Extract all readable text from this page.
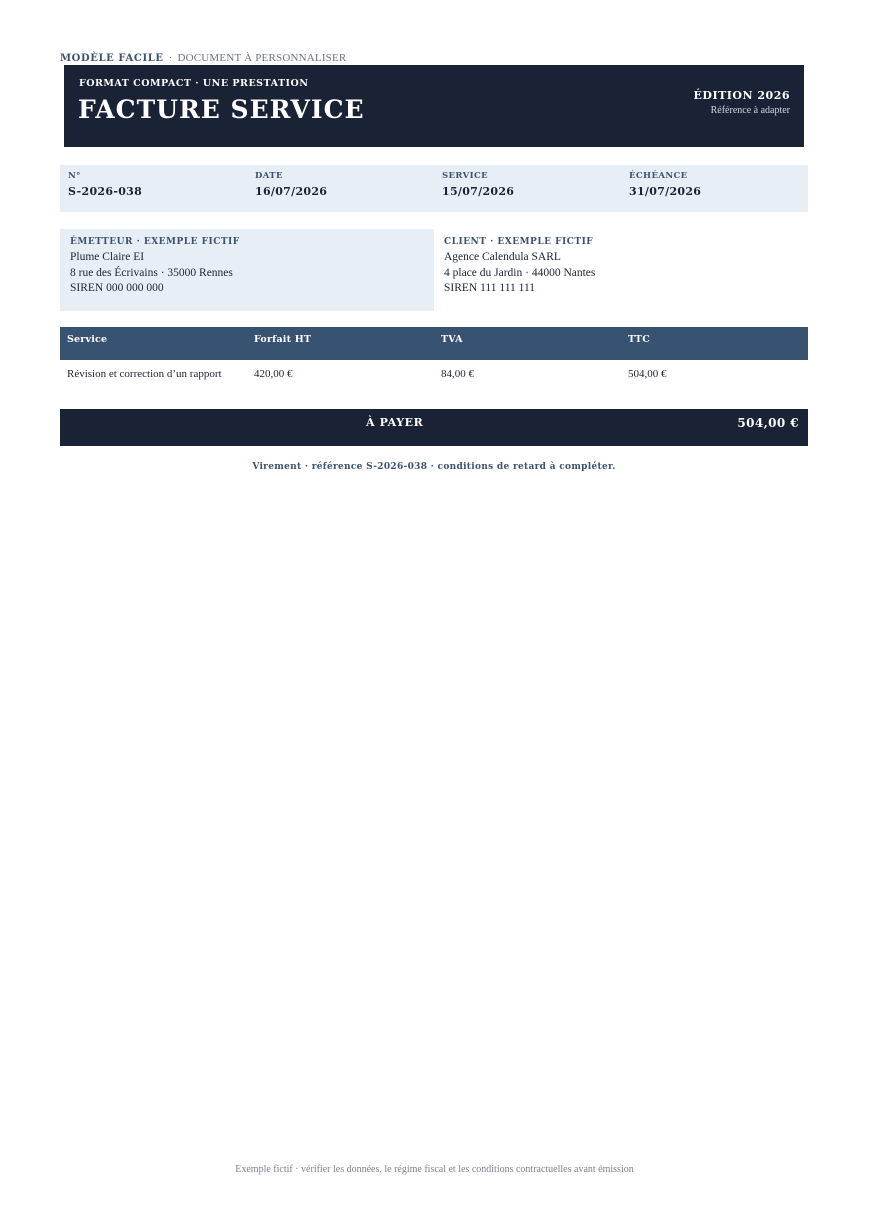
MODÈLE FACILE · DOCUMENT À PERSONNALISER
FORMAT COMPACT · UNE PRESTATION
FACTURE SERVICE	ÉDITION 2026
Référence à adapter
N°
S-2026-038
DATE
16/07/2026
SERVICE
15/07/2026
ÉCHÉANCE
31/07/2026
ÉMETTEUR · EXEMPLE FICTIF
Plume Claire EI
8 rue des Écrivains · 35000 Rennes
SIREN 000 000 000
CLIENT · EXEMPLE FICTIF
Agence Calendula SARL
4 place du Jardin · 44000 Nantes
SIREN 111 111 111
Service	Forfait HT	TVA	TTC
Révision et correction d’un rapport	420,00 €	84,00 €	504,00 €
À PAYER	504,00 €
Virement · référence S-2026-038 · conditions de retard à compléter.
Exemple fictif · vérifier les données, le régime fiscal et les conditions contractuelles avant émission
